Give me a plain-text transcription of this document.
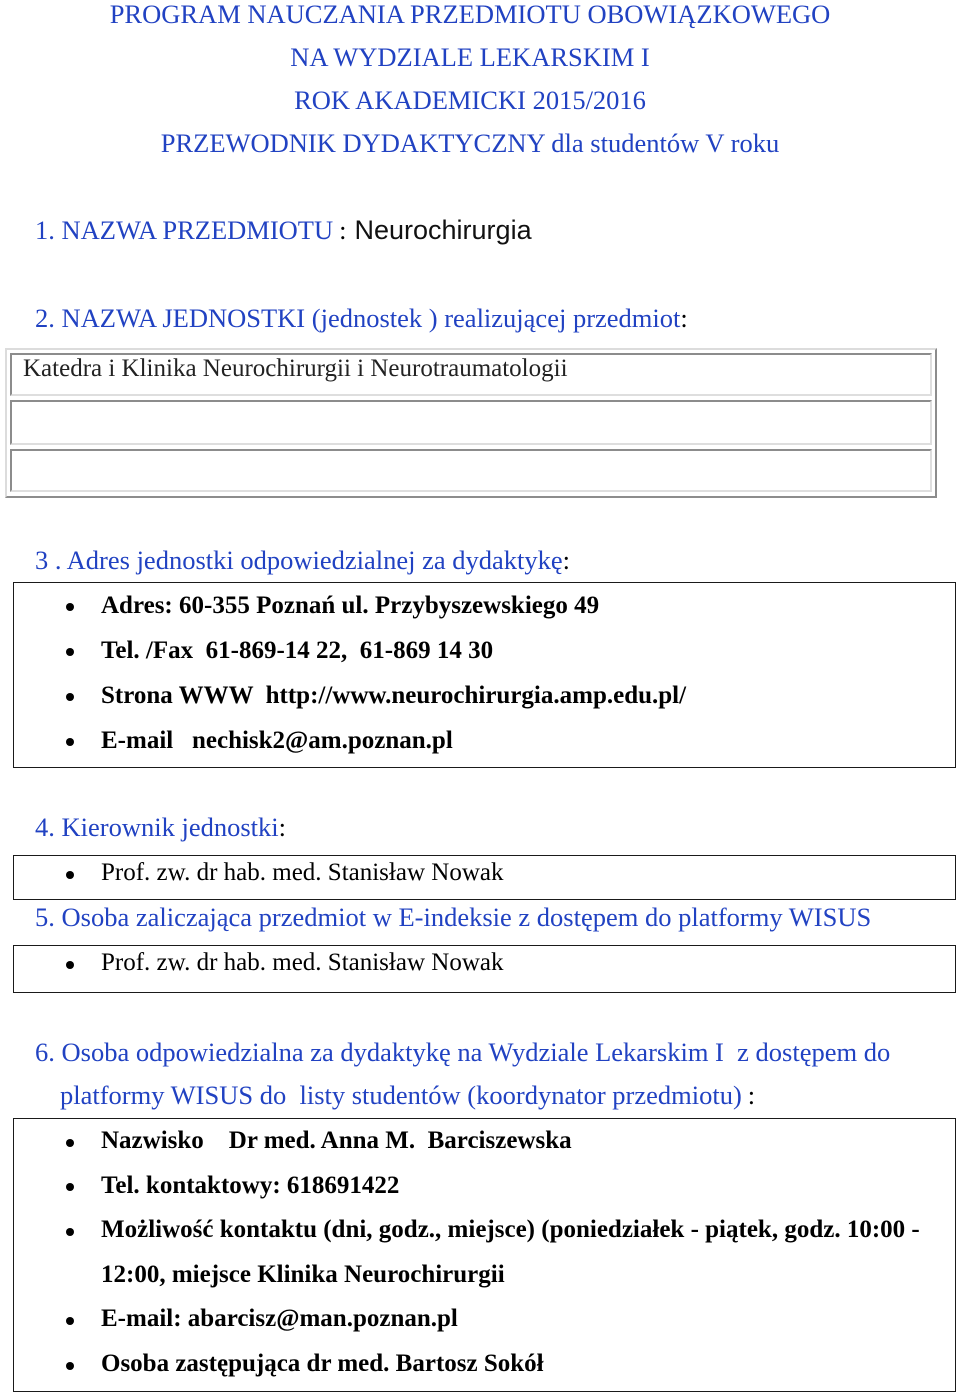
PROGRAM NAUCZANIA PRZEDMIOTU OBOWIĄZKOWEGO
NA WYDZIALE LEKARSKIM I
ROK AKADEMICKI 2015/2016
PRZEWODNIK DYDAKTYCZNY dla studentów V roku
1. NAZWA PRZEDMIOTU : Neurochirurgia
2. NAZWA JEDNOSTKI (jednostek ) realizującej przedmiot:
Katedra i Klinika Neurochirurgii i Neurotraumatologii
3 . Adres jednostki odpowiedzialnej za dydaktykę:
Adres: 60-355 Poznań ul. Przybyszewskiego 49
Tel. /Fax  61-869-14 22,  61-869 14 30
Strona WWW  http://www.neurochirurgia.amp.edu.pl/
E-mail   nechisk2@am.poznan.pl
4. Kierownik jednostki:
Prof. zw. dr hab. med. Stanisław Nowak
5. Osoba zaliczająca przedmiot w E-indeksie z dostępem do platformy WISUS
Prof. zw. dr hab. med. Stanisław Nowak
6. Osoba odpowiedzialna za dydaktykę na Wydziale Lekarskim I  z dostępem do
platformy WISUS do  listy studentów (koordynator przedmiotu) :
Nazwisko    Dr med. Anna M.  Barciszewska
Tel. kontaktowy: 618691422
Możliwość kontaktu (dni, godz., miejsce) (poniedziałek - piątek, godz. 10:00 -
12:00, miejsce Klinika Neurochirurgii
E-mail: abarcisz@man.poznan.pl
Osoba zastępująca dr med. Bartosz Sokół
